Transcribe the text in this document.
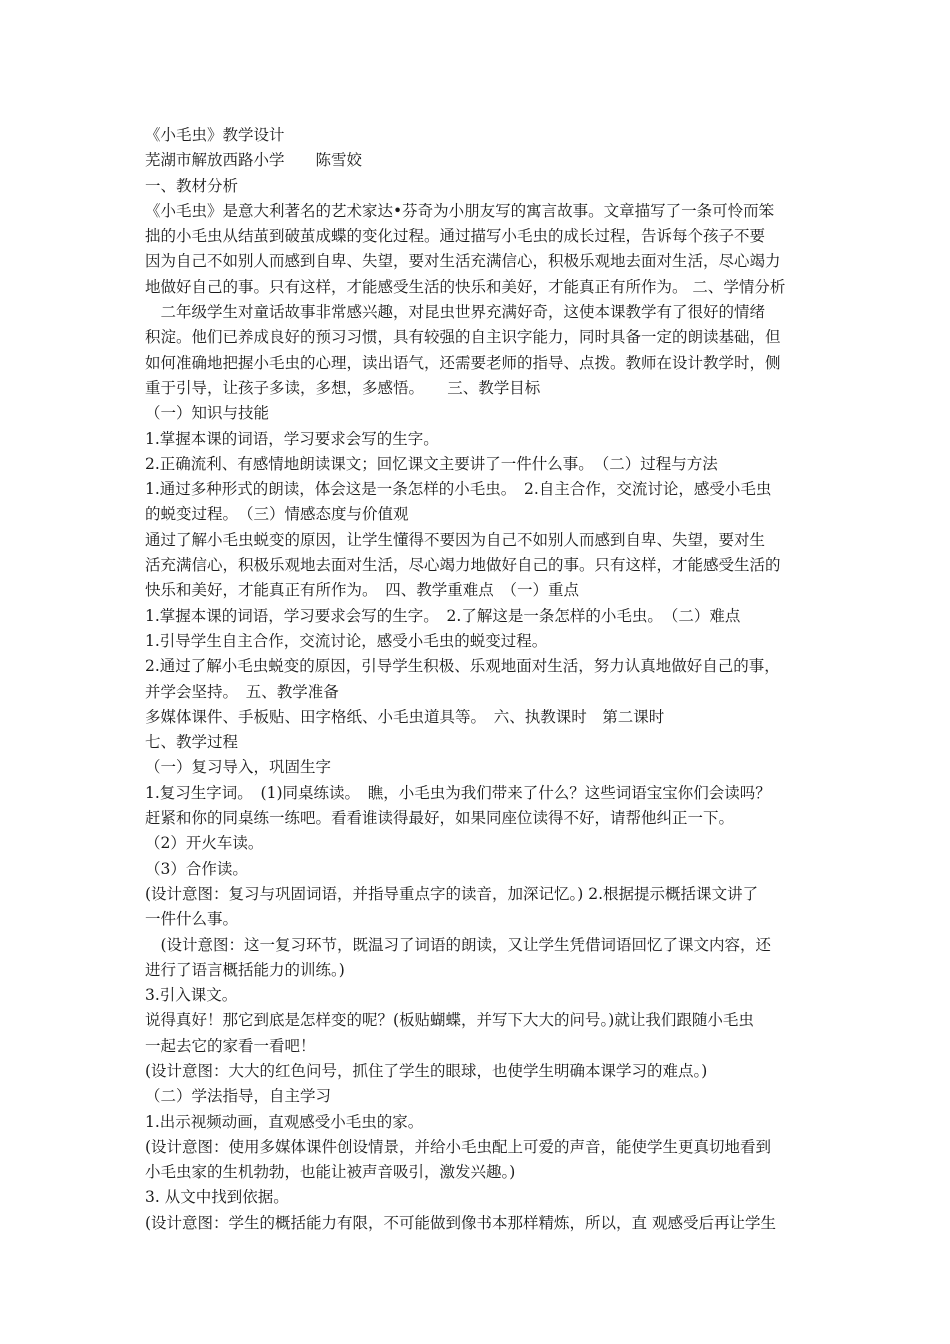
《小毛虫》教学设计
芜湖市解放西路小学　　陈雪姣
一、教材分析
《小毛虫》是意大利著名的艺术家达•芬奇为小朋友写的寓言故事。文章描写了一条可怜而笨
拙的小毛虫从结茧到破茧成蝶的变化过程。通过描写小毛虫的成长过程，告诉每个孩子不要
因为自己不如别人而感到自卑、失望，要对生活充满信心，积极乐观地去面对生活，尽心竭力
地做好自己的事。只有这样，才能感受生活的快乐和美好，才能真正有所作为。 二、学情分析
　二年级学生对童话故事非常感兴趣，对昆虫世界充满好奇，这使本课教学有了很好的情绪
积淀。他们已养成良好的预习习惯，具有较强的自主识字能力，同时具备一定的朗读基础，但
如何准确地把握小毛虫的心理，读出语气，还需要老师的指导、点拨。教师在设计教学时，侧
重于引导，让孩子多读，多想，多感悟。　　三、教学目标
（一）知识与技能
1.掌握本课的词语，学习要求会写的生字。
2.正确流利、有感情地朗读课文；回忆课文主要讲了一件什么事。　（二）过程与方法
1.通过多种形式的朗读，体会这是一条怎样的小毛虫。　2.自主合作，交流讨论，感受小毛虫
的蜕变过程。　（三）情感态度与价值观
通过了解小毛虫蜕变的原因，让学生懂得不要因为自己不如别人而感到自卑、失望，要对生
活充满信心，积极乐观地去面对生活，尽心竭力地做好自己的事。只有这样，才能感受生活的
快乐和美好，才能真正有所作为。　四、教学重难点　（一）重点
1.掌握本课的词语，学习要求会写的生字。　2.了解这是一条怎样的小毛虫。　（二）难点
1.引导学生自主合作，交流讨论，感受小毛虫的蜕变过程。
2.通过了解小毛虫蜕变的原因，引导学生积极、乐观地面对生活，努力认真地做好自己的事，
并学会坚持。　五、教学准备
多媒体课件、手板贴、田字格纸、小毛虫道具等。　六、执教课时　第二课时
七、教学过程
（一）复习导入，巩固生字
1.复习生字词。　(1)同桌练读。　瞧，小毛虫为我们带来了什么？这些词语宝宝你们会读吗？
赶紧和你的同桌练一练吧。看看谁读得最好，如果同座位读得不好，请帮他纠正一下。
（2）开火车读。
（3）合作读。
(设计意图：复习与巩固词语，并指导重点字的读音，加深记忆。) 2.根据提示概括课文讲了
一件什么事。
　(设计意图：这一复习环节，既温习了词语的朗读，又让学生凭借词语回忆了课文内容，还
进行了语言概括能力的训练。)
3.引入课文。
说得真好！那它到底是怎样变的呢？(板贴蝴蝶，并写下大大的问号。)就让我们跟随小毛虫
一起去它的家看一看吧！
(设计意图：大大的红色问号，抓住了学生的眼球，也使学生明确本课学习的难点。)
（二）学法指导，自主学习
1.出示视频动画，直观感受小毛虫的家。
(设计意图：使用多媒体课件创设情景，并给小毛虫配上可爱的声音，能使学生更真切地看到
小毛虫家的生机勃勃，也能让被声音吸引，激发兴趣。)
3. 从文中找到依据。
(设计意图：学生的概括能力有限，不可能做到像书本那样精炼，所以，直 观感受后再让学生
